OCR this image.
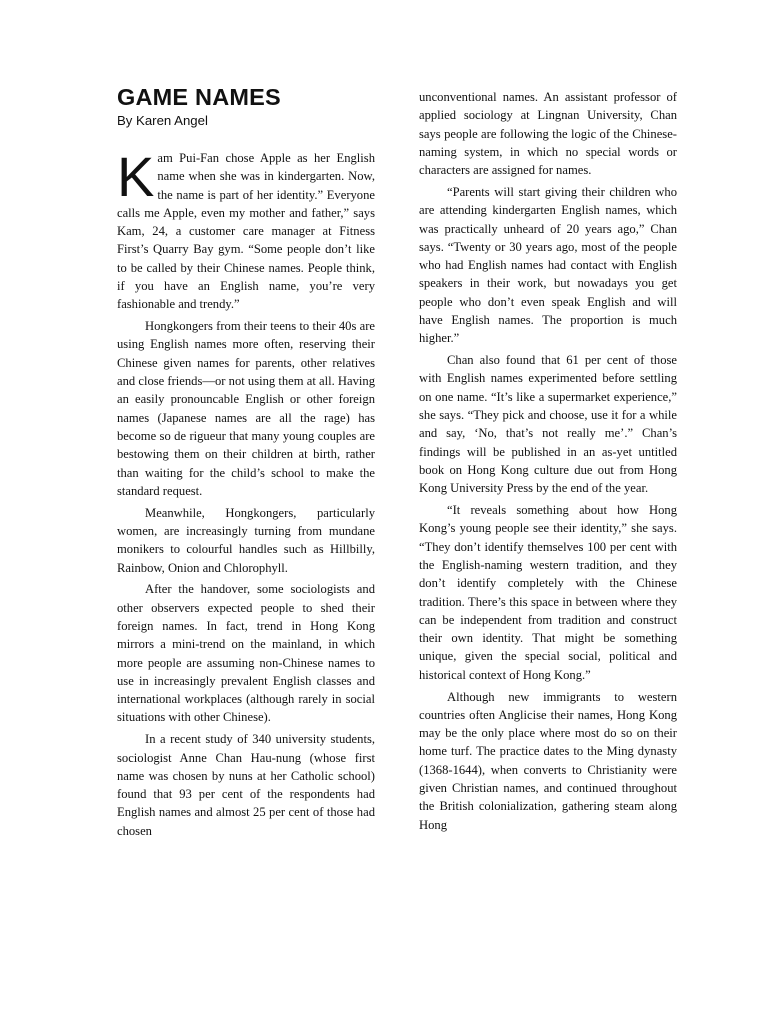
GAME NAMES
By Karen Angel

Kam Pui-Fan chose Apple as her English name when she was in kindergarten. Now, the name is part of her identity.” Everyone calls me Apple, even my mother and father,” says Kam, 24, a customer care manager at Fitness First’s Quarry Bay gym. “Some people don’t like to be called by their Chinese names. People think, if you have an English name, you’re very fashionable and trendy.”

Hongkongers from their teens to their 40s are using English names more often, reserving their Chinese given names for parents, other relatives and close friends—or not using them at all. Having an easily pronouncable English or other foreign names (Japanese names are all the rage) has become so de rigueur that many young couples are bestowing them on their children at birth, rather than waiting for the child’s school to make the standard request.

Meanwhile, Hongkongers, particularly women, are increasingly turning from mundane monikers to colourful handles such as Hillbilly, Rainbow, Onion and Chlorophyll.

After the handover, some sociologists and other observers expected people to shed their foreign names. In fact, trend in Hong Kong mirrors a mini-trend on the mainland, in which more people are assuming non-Chinese names to use in increasingly prevalent English classes and international workplaces (although rarely in social situations with other Chinese).

In a recent study of 340 university students, sociologist Anne Chan Hau-nung (whose first name was chosen by nuns at her Catholic school) found that 93 per cent of the respondents had English names and almost 25 per cent of those had chosen

unconventional names. An assistant professor of applied sociology at Lingnan University, Chan says people are following the logic of the Chinese-naming system, in which no special words or characters are assigned for names.

“Parents will start giving their children who are attending kindergarten English names, which was practically unheard of 20 years ago,” Chan says. “Twenty or 30 years ago, most of the people who had English names had contact with English speakers in their work, but nowadays you get people who don’t even speak English and will have English names. The proportion is much higher.”

Chan also found that 61 per cent of those with English names experimented before settling on one name. “It’s like a supermarket experience,” she says. “They pick and choose, use it for a while and say, ‘No, that’s not really me’.” Chan’s findings will be published in an as-yet untitled book on Hong Kong culture due out from Hong Kong University Press by the end of the year.

“It reveals something about how Hong Kong’s young people see their identity,” she says. “They don’t identify themselves 100 per cent with the English-naming western tradition, and they don’t identify completely with the Chinese tradition. There’s this space in between where they can be independent from tradition and construct their own identity. That might be something unique, given the special social, political and historical context of Hong Kong.”

Although new immigrants to western countries often Anglicise their names, Hong Kong may be the only place where most do so on their home turf. The practice dates to the Ming dynasty (1368-1644), when converts to Christianity were given Christian names, and continued throughout the British colonialization, gathering steam along Hong
